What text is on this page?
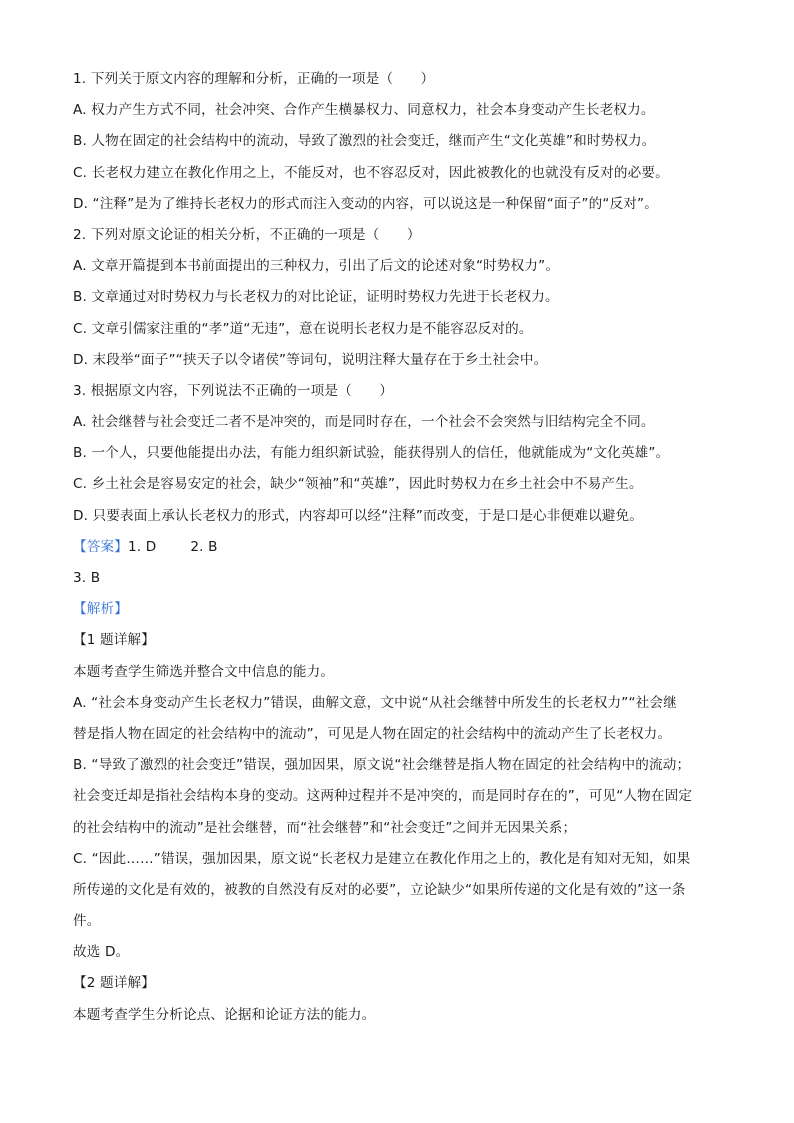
1. 下列关于原文内容的理解和分析，正确的一项是（　　）
A. 权力产生方式不同，社会冲突、合作产生横暴权力、同意权力，社会本身变动产生长老权力。
B. 人物在固定的社会结构中的流动，导致了激烈的社会变迁，继而产生“文化英雄”和时势权力。
C. 长老权力建立在教化作用之上，不能反对，也不容忍反对，因此被教化的也就没有反对的必要。
D. “注释”是为了维持长老权力的形式而注入变动的内容，可以说这是一种保留“面子”的“反对”。
2. 下列对原文论证的相关分析，不正确的一项是（　　）
A. 文章开篇提到本书前面提出的三种权力，引出了后文的论述对象“时势权力”。
B. 文章通过对时势权力与长老权力的对比论证，证明时势权力先进于长老权力。
C. 文章引儒家注重的“孝”道“无违”，意在说明长老权力是不能容忍反对的。
D. 末段举“面子”“挟天子以令诸侯”等词句，说明注释大量存在于乡土社会中。
3. 根据原文内容，下列说法不正确的一项是（　　）
A. 社会继替与社会变迁二者不是冲突的，而是同时存在，一个社会不会突然与旧结构完全不同。
B. 一个人，只要他能提出办法，有能力组织新试验，能获得别人的信任，他就能成为“文化英雄”。
C. 乡土社会是容易安定的社会，缺少“领袖”和“英雄”，因此时势权力在乡土社会中不易产生。
D. 只要表面上承认长老权力的形式，内容却可以经“注释”而改变，于是口是心非便难以避免。
【答案】1. D	2. B
3. B
【解析】
【1 题详解】
本题考查学生筛选并整合文中信息的能力。
A. “社会本身变动产生长老权力”错误，曲解文意，文中说“从社会继替中所发生的长老权力”“社会继
替是指人物在固定的社会结构中的流动”，可见是人物在固定的社会结构中的流动产生了长老权力。
B. “导致了激烈的社会变迁”错误，强加因果，原文说“社会继替是指人物在固定的社会结构中的流动；
社会变迁却是指社会结构本身的变动。这两种过程并不是冲突的，而是同时存在的”，可见“人物在固定
的社会结构中的流动”是社会继替，而“社会继替”和“社会变迁”之间并无因果关系；
C. “因此……”错误，强加因果，原文说“长老权力是建立在教化作用之上的，教化是有知对无知，如果
所传递的文化是有效的，被教的自然没有反对的必要”，立论缺少“如果所传递的文化是有效的”这一条
件。
故选 D。
【2 题详解】
本题考查学生分析论点、论据和论证方法的能力。
